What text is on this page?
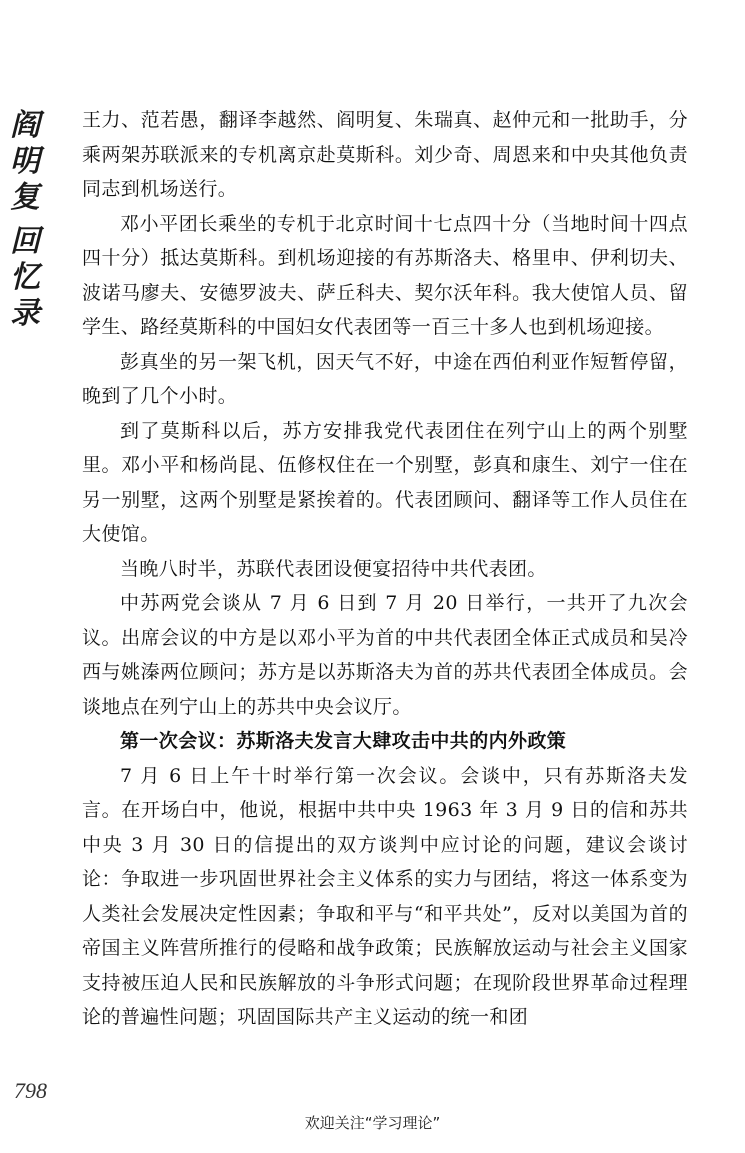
阎
明
复
回
忆
录

王力、范若愚，翻译李越然、阎明复、朱瑞真、赵仲元和一批助手，分乘两架苏联派来的专机离京赴莫斯科。刘少奇、周恩来和中央其他负责同志到机场送行。

邓小平团长乘坐的专机于北京时间十七点四十分（当地时间十四点四十分）抵达莫斯科。到机场迎接的有苏斯洛夫、格里申、伊利切夫、波诺马廖夫、安德罗波夫、萨丘科夫、契尔沃年科。我大使馆人员、留学生、路经莫斯科的中国妇女代表团等一百三十多人也到机场迎接。

彭真坐的另一架飞机，因天气不好，中途在西伯利亚作短暂停留，晚到了几个小时。

到了莫斯科以后，苏方安排我党代表团住在列宁山上的两个别墅里。邓小平和杨尚昆、伍修权住在一个别墅，彭真和康生、刘宁一住在另一别墅，这两个别墅是紧挨着的。代表团顾问、翻译等工作人员住在大使馆。

当晚八时半，苏联代表团设便宴招待中共代表团。

中苏两党会谈从 7 月 6 日到 7 月 20 日举行，一共开了九次会议。出席会议的中方是以邓小平为首的中共代表团全体正式成员和吴冷西与姚溱两位顾问；苏方是以苏斯洛夫为首的苏共代表团全体成员。会谈地点在列宁山上的苏共中央会议厅。

第一次会议：苏斯洛夫发言大肆攻击中共的内外政策

7 月 6 日上午十时举行第一次会议。会谈中，只有苏斯洛夫发言。在开场白中，他说，根据中共中央 1963 年 3 月 9 日的信和苏共中央 3 月 30 日的信提出的双方谈判中应讨论的问题，建议会谈讨论：争取进一步巩固世界社会主义体系的实力与团结，将这一体系变为人类社会发展决定性因素；争取和平与“和平共处”，反对以美国为首的帝国主义阵营所推行的侵略和战争政策；民族解放运动与社会主义国家支持被压迫人民和民族解放的斗争形式问题；在现阶段世界革命过程理论的普遍性问题；巩固国际共产主义运动的统一和团

798
欢迎关注“学习理论”
